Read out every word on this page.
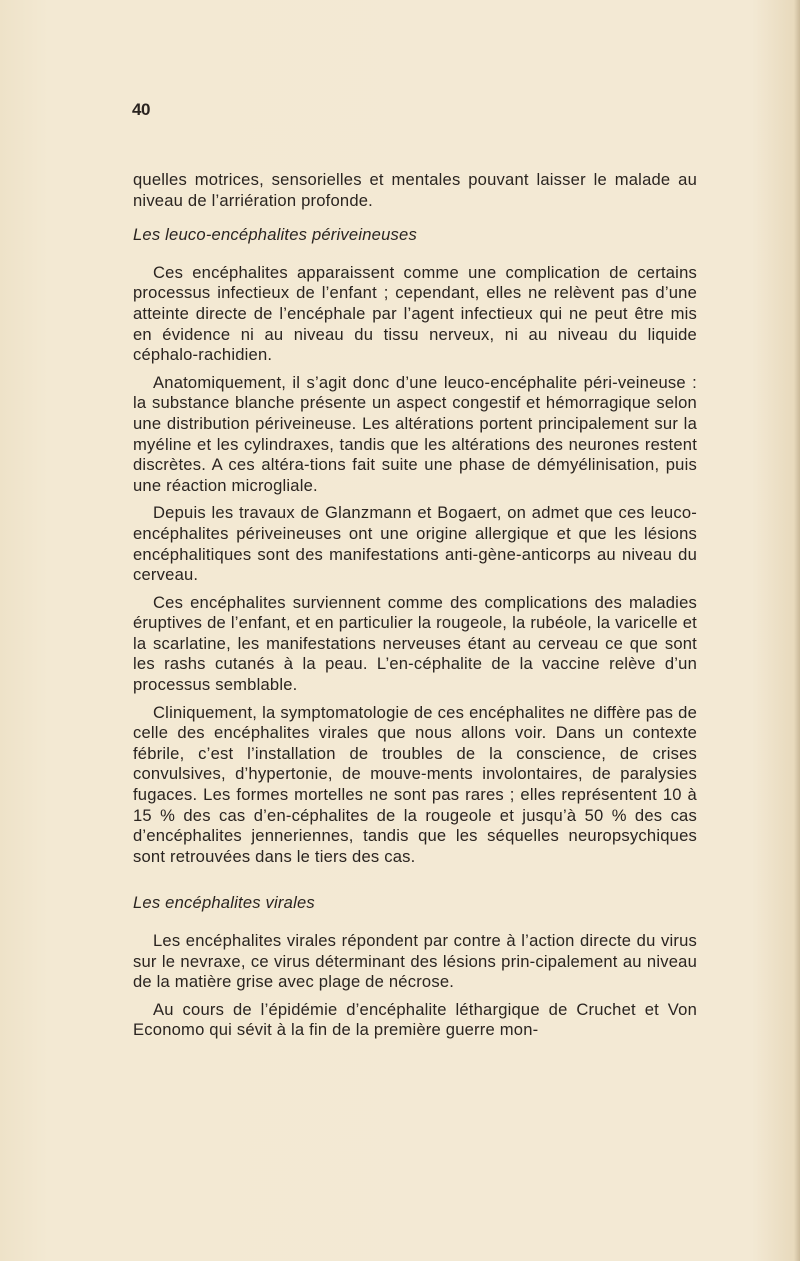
40

quelles motrices, sensorielles et mentales pouvant laisser le malade au niveau de l’arriération profonde.

Les leuco-encéphalites périveineuses

Ces encéphalites apparaissent comme une complication de certains processus infectieux de l’enfant ; cependant, elles ne relèvent pas d’une atteinte directe de l’encéphale par l’agent infectieux qui ne peut être mis en évidence ni au niveau du tissu nerveux, ni au niveau du liquide céphalo-rachidien.

Anatomiquement, il s’agit donc d’une leuco-encéphalite péri-veineuse : la substance blanche présente un aspect congestif et hémorragique selon une distribution périveineuse. Les altérations portent principalement sur la myéline et les cylindraxes, tandis que les altérations des neurones restent discrètes. A ces altéra-tions fait suite une phase de démyélinisation, puis une réaction microgliale.

Depuis les travaux de Glanzmann et Bogaert, on admet que ces leuco-encéphalites périveineuses ont une origine allergique et que les lésions encéphalitiques sont des manifestations anti-gène-anticorps au niveau du cerveau.

Ces encéphalites surviennent comme des complications des maladies éruptives de l’enfant, et en particulier la rougeole, la rubéole, la varicelle et la scarlatine, les manifestations nerveuses étant au cerveau ce que sont les rashs cutanés à la peau. L’en-céphalite de la vaccine relève d’un processus semblable.

Cliniquement, la symptomatologie de ces encéphalites ne diffère pas de celle des encéphalites virales que nous allons voir. Dans un contexte fébrile, c’est l’installation de troubles de la conscience, de crises convulsives, d’hypertonie, de mouve-ments involontaires, de paralysies fugaces. Les formes mortelles ne sont pas rares ; elles représentent 10 à 15 % des cas d’en-céphalites de la rougeole et jusqu’à 50 % des cas d’encéphalites jenneriennes, tandis que les séquelles neuropsychiques sont retrouvées dans le tiers des cas.

Les encéphalites virales

Les encéphalites virales répondent par contre à l’action directe du virus sur le nevraxe, ce virus déterminant des lésions prin-cipalement au niveau de la matière grise avec plage de nécrose.

Au cours de l’épidémie d’encéphalite léthargique de Cruchet et Von Economo qui sévit à la fin de la première guerre mon-
